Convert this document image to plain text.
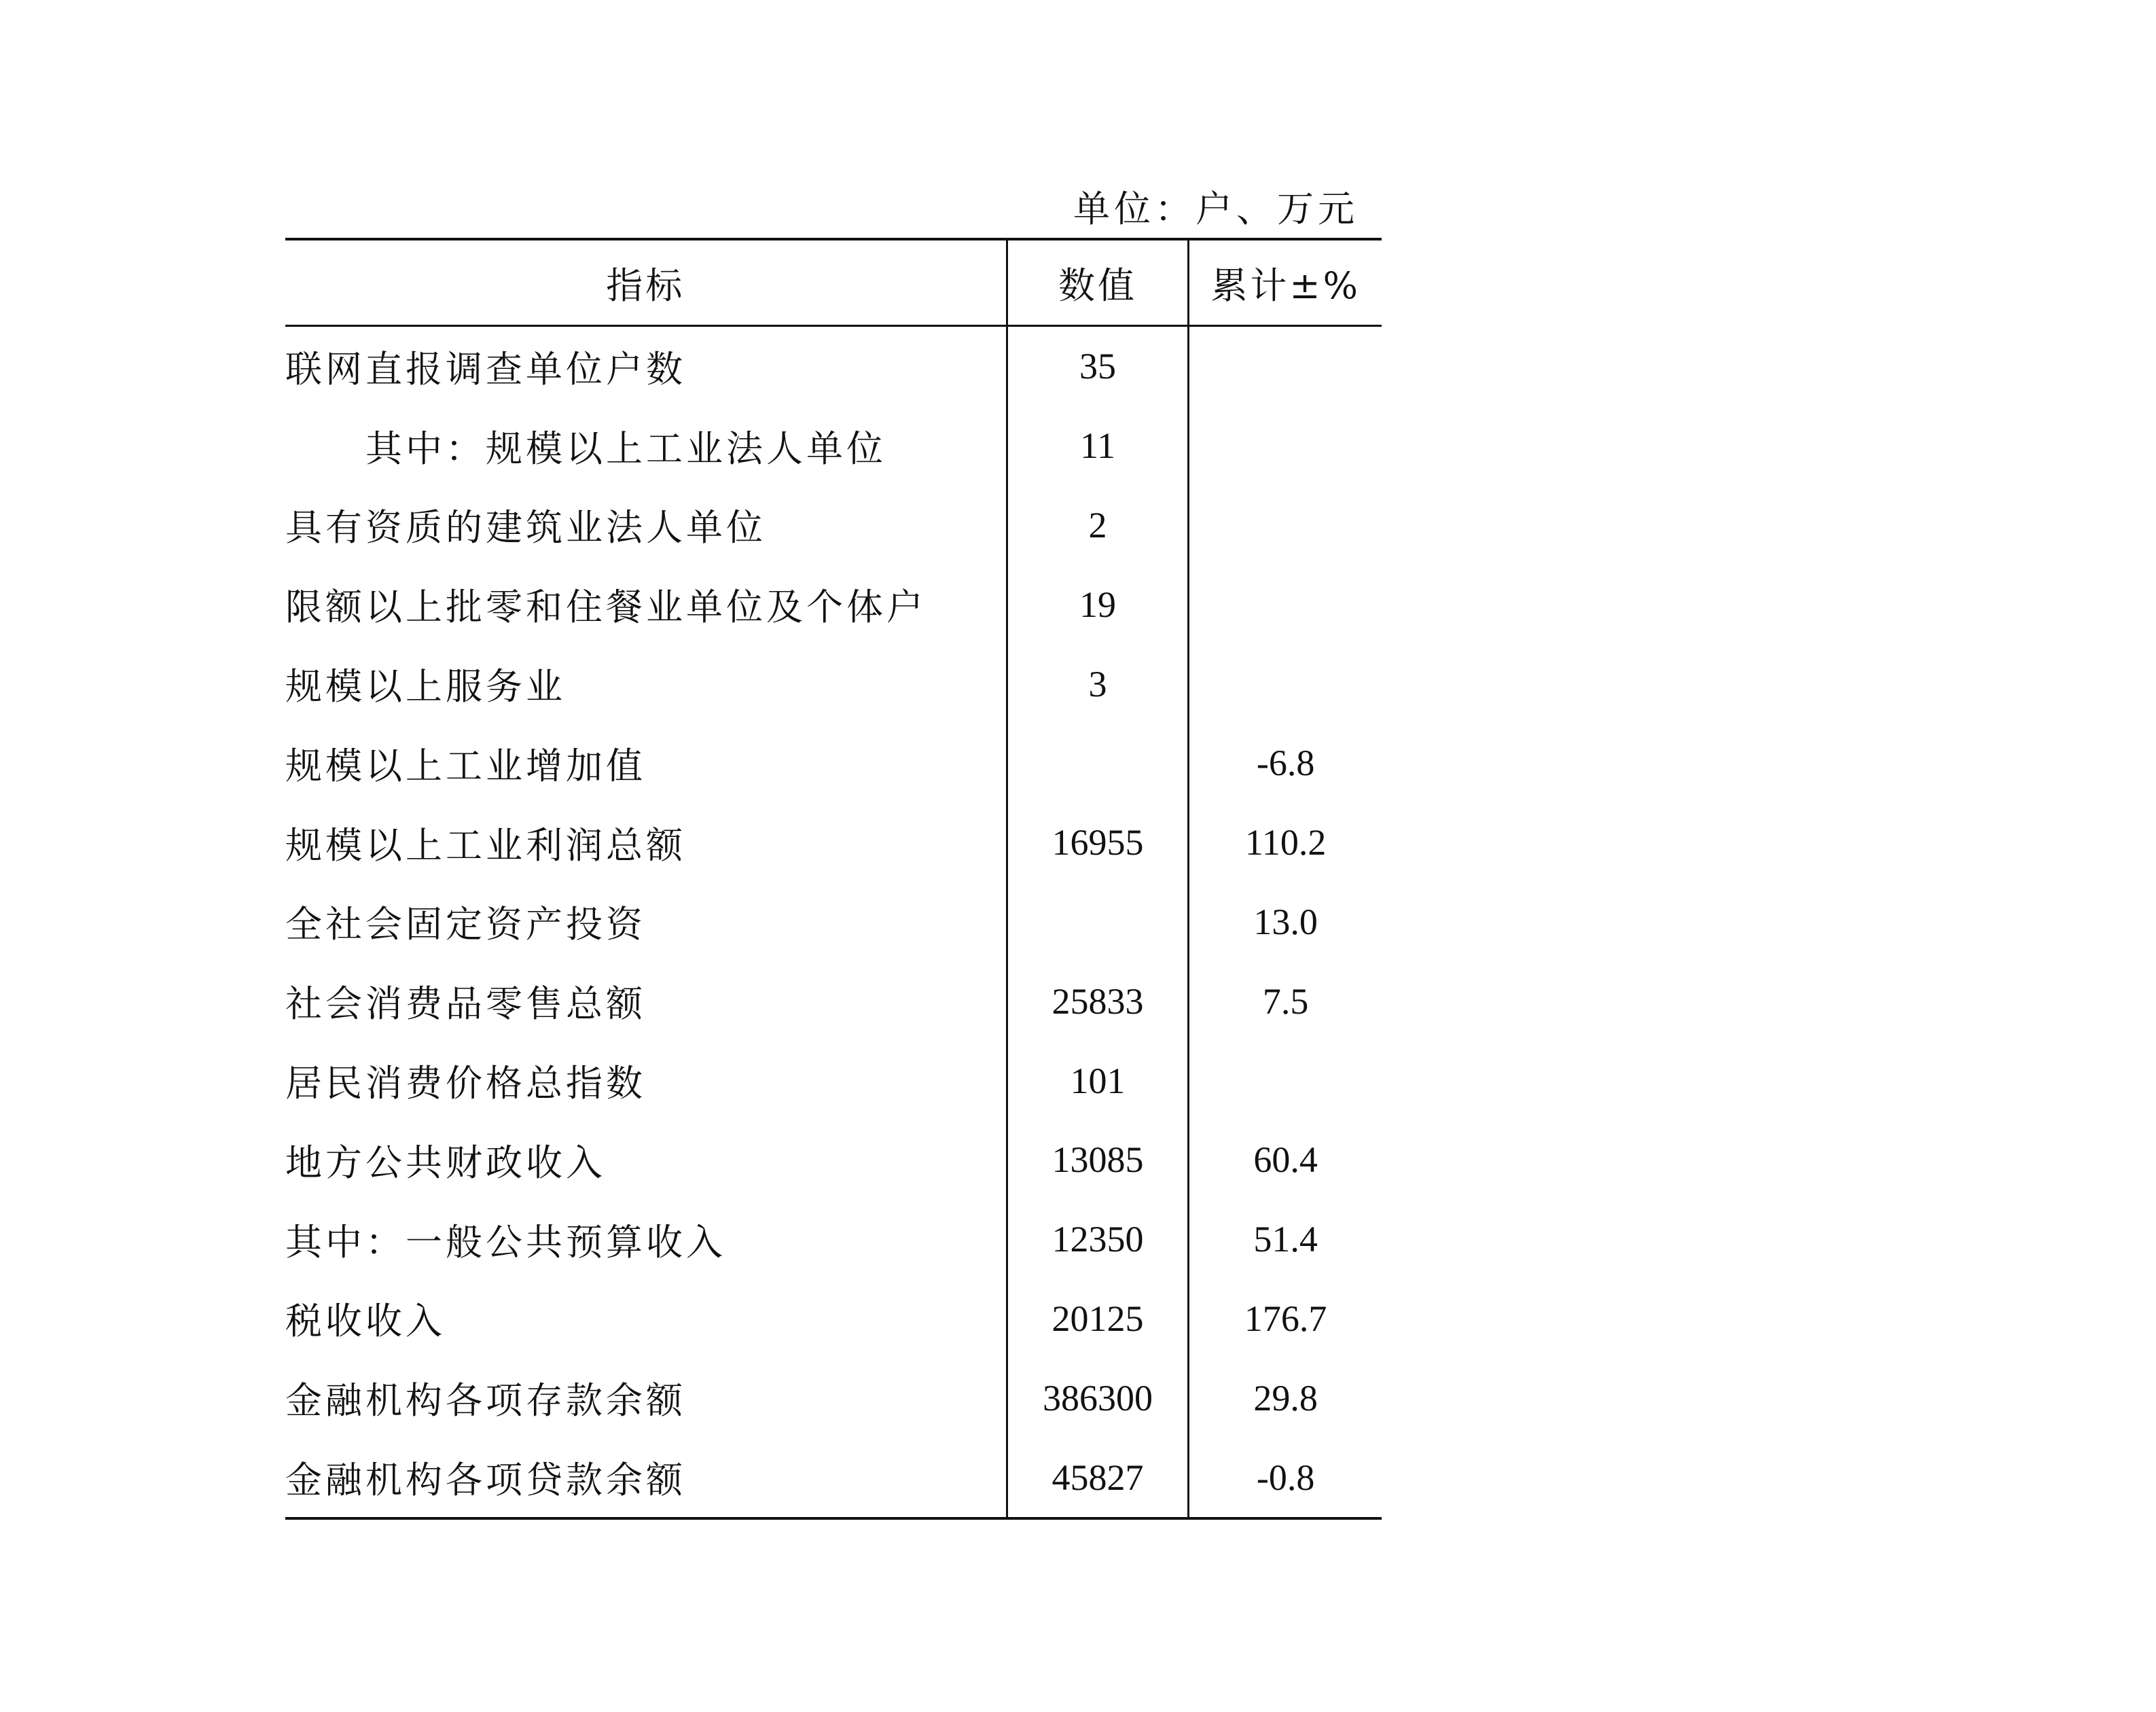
单位：户、万元
指标	数值	累计±%
联网直报调查单位户数	35	
其中：规模以上工业法人单位	11	
具有资质的建筑业法人单位	2	
限额以上批零和住餐业单位及个体户	19	
规模以上服务业	3	
规模以上工业增加值		-6.8
规模以上工业利润总额	16955	110.2
全社会固定资产投资		13.0
社会消费品零售总额	25833	7.5
居民消费价格总指数	101	
地方公共财政收入	13085	60.4
其中：一般公共预算收入	12350	51.4
税收收入	20125	176.7
金融机构各项存款余额	386300	29.8
金融机构各项贷款余额	45827	-0.8
